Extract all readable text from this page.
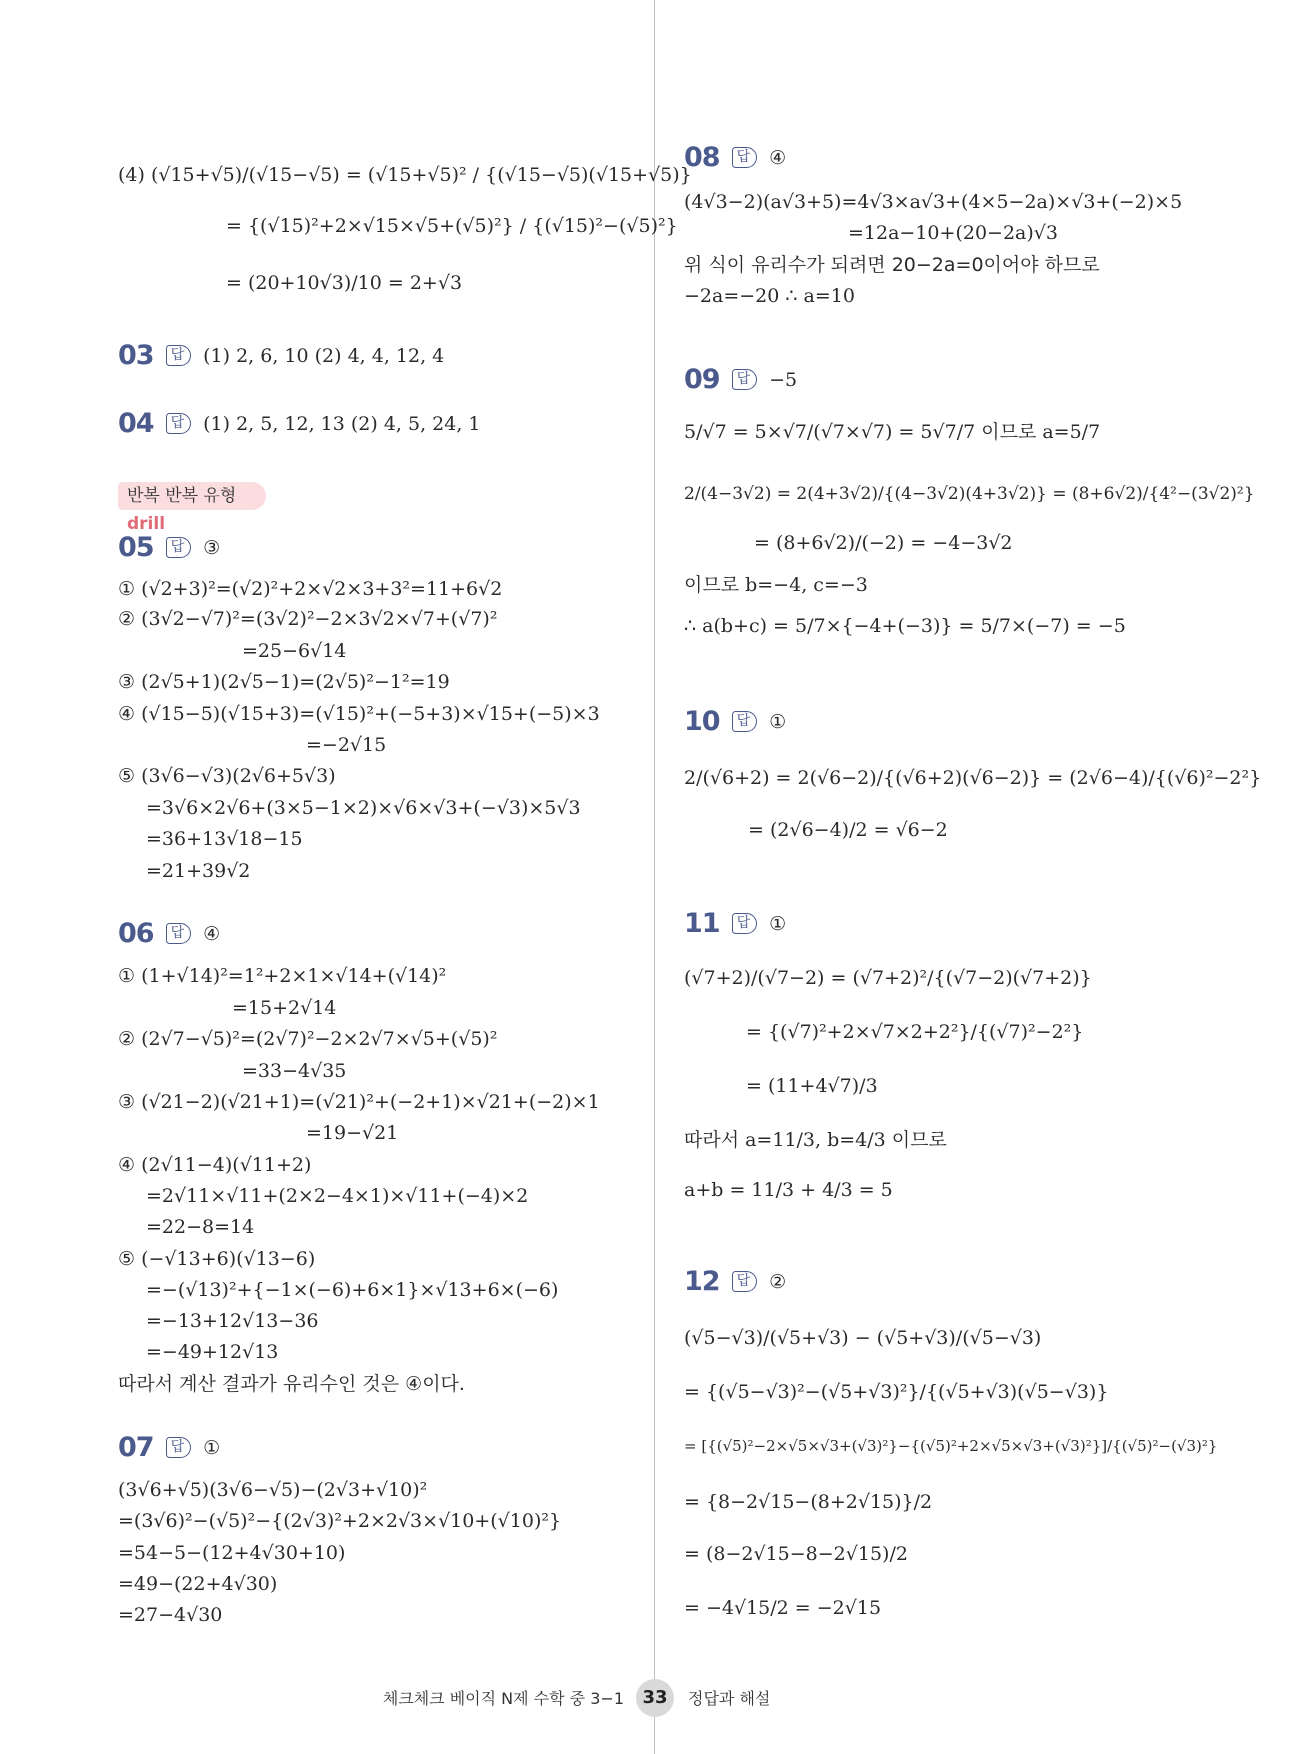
(4) (√15+√5)/(√15−√5) = (√15+√5)² / {(√15−√5)(√15+√5)}
= {(√15)²+2×√15×√5+(√5)²} / {(√15)²−(√5)²}
= (20+10√3)/10 = 2+√3
03	답	(1) 2, 6, 10 (2) 4, 4, 12, 4
04	답	(1) 2, 5, 12, 13 (2) 4, 5, 24, 1
반복 반복 유형 drill
05	답	③
① (√2+3)²=(√2)²+2×√2×3+3²=11+6√2
② (3√2−√7)²=(3√2)²−2×3√2×√7+(√7)²
=25−6√14
③ (2√5+1)(2√5−1)=(2√5)²−1²=19
④ (√15−5)(√15+3)=(√15)²+(−5+3)×√15+(−5)×3
=−2√15
⑤ (3√6−√3)(2√6+5√3)
=3√6×2√6+(3×5−1×2)×√6×√3+(−√3)×5√3
=36+13√18−15
=21+39√2
06	답	④
① (1+√14)²=1²+2×1×√14+(√14)²
=15+2√14
② (2√7−√5)²=(2√7)²−2×2√7×√5+(√5)²
=33−4√35
③ (√21−2)(√21+1)=(√21)²+(−2+1)×√21+(−2)×1
=19−√21
④ (2√11−4)(√11+2)
=2√11×√11+(2×2−4×1)×√11+(−4)×2
=22−8=14
⑤ (−√13+6)(√13−6)
=−(√13)²+{−1×(−6)+6×1}×√13+6×(−6)
=−13+12√13−36
=−49+12√13
따라서 계산 결과가 유리수인 것은 ④이다.
07	답	①
(3√6+√5)(3√6−√5)−(2√3+√10)²
=(3√6)²−(√5)²−{(2√3)²+2×2√3×√10+(√10)²}
=54−5−(12+4√30+10)
=49−(22+4√30)
=27−4√30
08	답	④
(4√3−2)(a√3+5)=4√3×a√3+(4×5−2a)×√3+(−2)×5
=12a−10+(20−2a)√3
위 식이 유리수가 되려면 20−2a=0이어야 하므로
−2a=−20 ∴ a=10
09	답	−5
5/√7 = 5×√7/(√7×√7) = 5√7/7 이므로 a=5/7
2/(4−3√2) = 2(4+3√2)/{(4−3√2)(4+3√2)} = (8+6√2)/{4²−(3√2)²}
= (8+6√2)/(−2) = −4−3√2
이므로 b=−4, c=−3
∴ a(b+c) = 5/7×{−4+(−3)} = 5/7×(−7) = −5
10	답	①
2/(√6+2) = 2(√6−2)/{(√6+2)(√6−2)} = (2√6−4)/{(√6)²−2²}
= (2√6−4)/2 = √6−2
11	답	①
(√7+2)/(√7−2) = (√7+2)²/{(√7−2)(√7+2)}
= {(√7)²+2×√7×2+2²}/{(√7)²−2²}
= (11+4√7)/3
따라서 a=11/3, b=4/3 이므로
a+b = 11/3 + 4/3 = 5
12	답	②
(√5−√3)/(√5+√3) − (√5+√3)/(√5−√3)
= {(√5−√3)²−(√5+√3)²}/{(√5+√3)(√5−√3)}
= [{(√5)²−2×√5×√3+(√3)²}−{(√5)²+2×√5×√3+(√3)²}]/{(√5)²−(√3)²}
= {8−2√15−(8+2√15)}/2
= (8−2√15−8−2√15)/2
= −4√15/2 = −2√15
체크체크 베이직 N제 수학 중 3−1	33	정답과 해설
